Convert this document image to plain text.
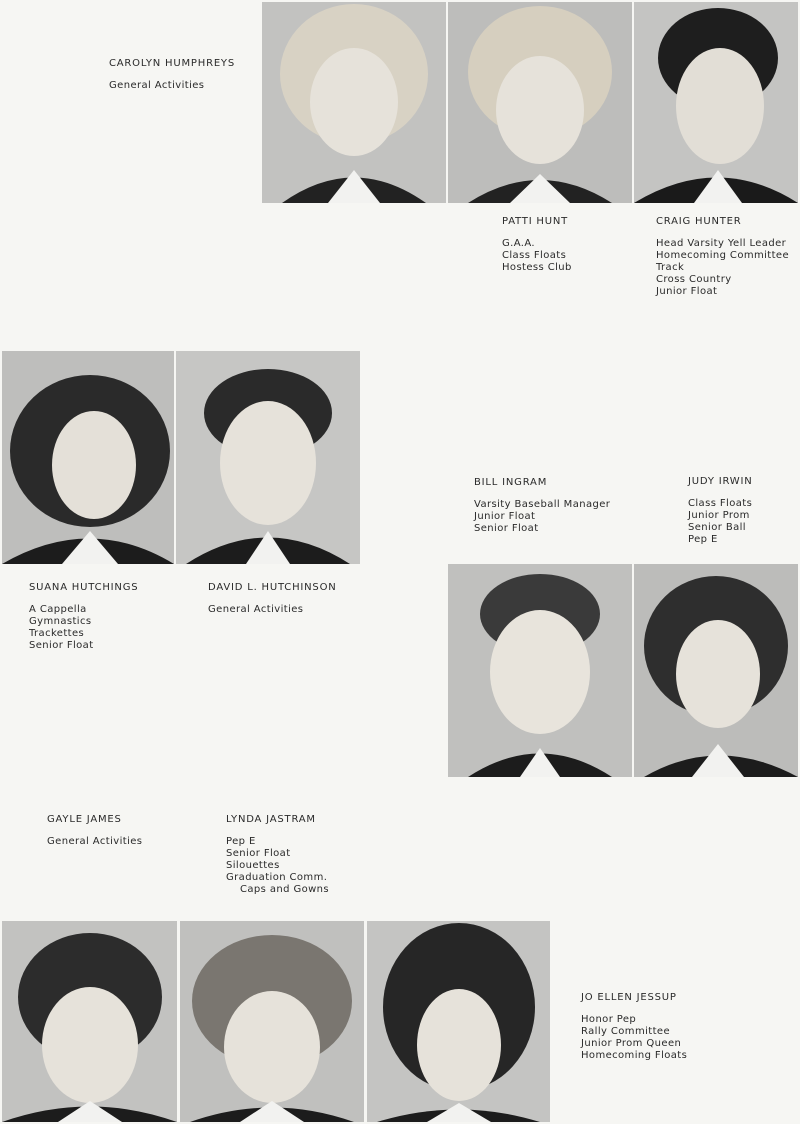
CAROLYN HUMPHREYS
General Activities
PATTI HUNT
G.A.A.
Class Floats
Hostess Club
CRAIG HUNTER
Head Varsity Yell Leader
Homecoming Committee
Track
Cross Country
Junior Float
BILL INGRAM
Varsity Baseball Manager
Junior Float
Senior Float
JUDY IRWIN
Class Floats
Junior Prom
Senior Ball
Pep E
SUANA HUTCHINGS
A Cappella
Gymnastics
Trackettes
Senior Float
DAVID L. HUTCHINSON
General Activities
GAYLE JAMES
General Activities
LYNDA JASTRAM
Pep E
Senior Float
Silouettes
Graduation Comm.
Caps and Gowns
JO ELLEN JESSUP
Honor Pep
Rally Committee
Junior Prom Queen
Homecoming Floats
